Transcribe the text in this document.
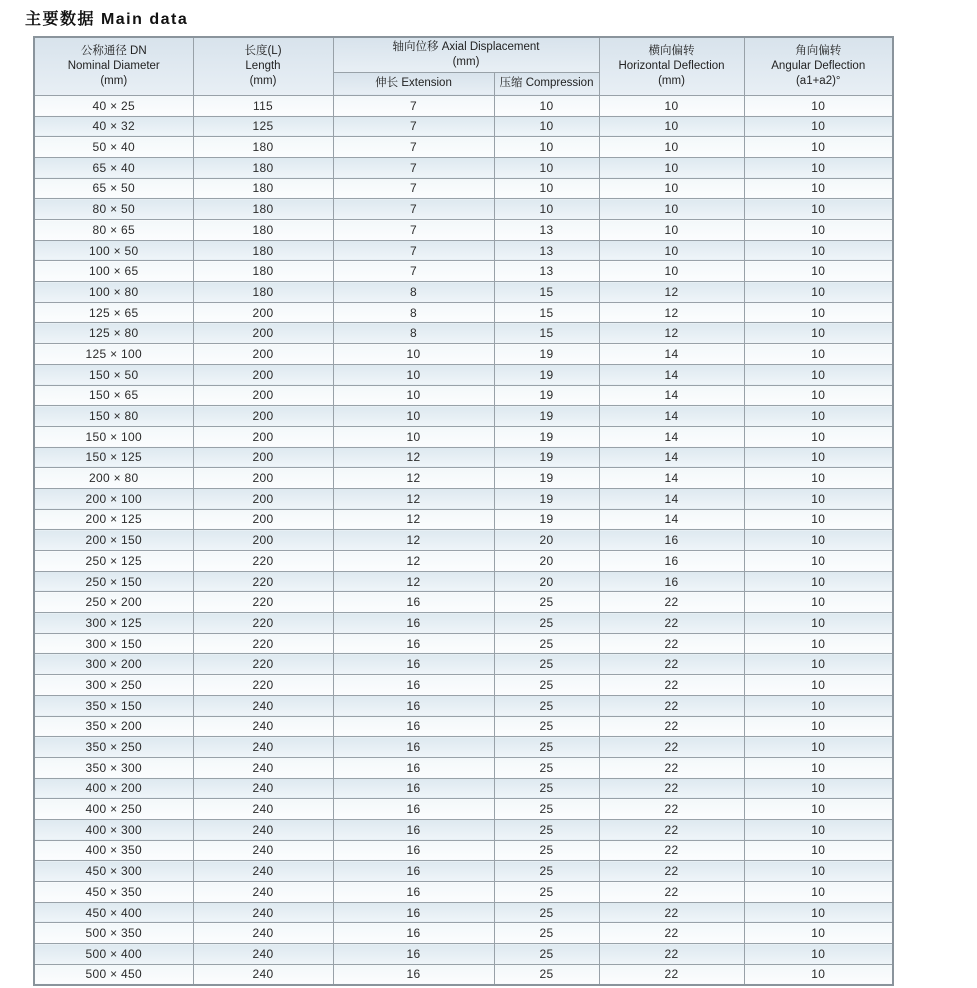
主要数据 Main data
公称通径 DN
Nominal Diameter
(mm)

长度(L)
Length
(mm)

轴向位移 Axial Displacement
(mm)

横向偏转
Horizontal Deflection
(mm)

角向偏转
Angular Deflection
(a1+a2)°

		伸长 Extension	压缩 Compression		
40 × 25	115	7	10	10	10
40 × 32	125	7	10	10	10
50 × 40	180	7	10	10	10
65 × 40	180	7	10	10	10
65 × 50	180	7	10	10	10
80 × 50	180	7	10	10	10
80 × 65	180	7	13	10	10
100 × 50	180	7	13	10	10
100 × 65	180	7	13	10	10
100 × 80	180	8	15	12	10
125 × 65	200	8	15	12	10
125 × 80	200	8	15	12	10
125 × 100	200	10	19	14	10
150 × 50	200	10	19	14	10
150 × 65	200	10	19	14	10
150 × 80	200	10	19	14	10
150 × 100	200	10	19	14	10
150 × 125	200	12	19	14	10
200 × 80	200	12	19	14	10
200 × 100	200	12	19	14	10
200 × 125	200	12	19	14	10
200 × 150	200	12	20	16	10
250 × 125	220	12	20	16	10
250 × 150	220	12	20	16	10
250 × 200	220	16	25	22	10
300 × 125	220	16	25	22	10
300 × 150	220	16	25	22	10
300 × 200	220	16	25	22	10
300 × 250	220	16	25	22	10
350 × 150	240	16	25	22	10
350 × 200	240	16	25	22	10
350 × 250	240	16	25	22	10
350 × 300	240	16	25	22	10
400 × 200	240	16	25	22	10
400 × 250	240	16	25	22	10
400 × 300	240	16	25	22	10
400 × 350	240	16	25	22	10
450 × 300	240	16	25	22	10
450 × 350	240	16	25	22	10
450 × 400	240	16	25	22	10
500 × 350	240	16	25	22	10
500 × 400	240	16	25	22	10
500 × 450	240	16	25	22	10
